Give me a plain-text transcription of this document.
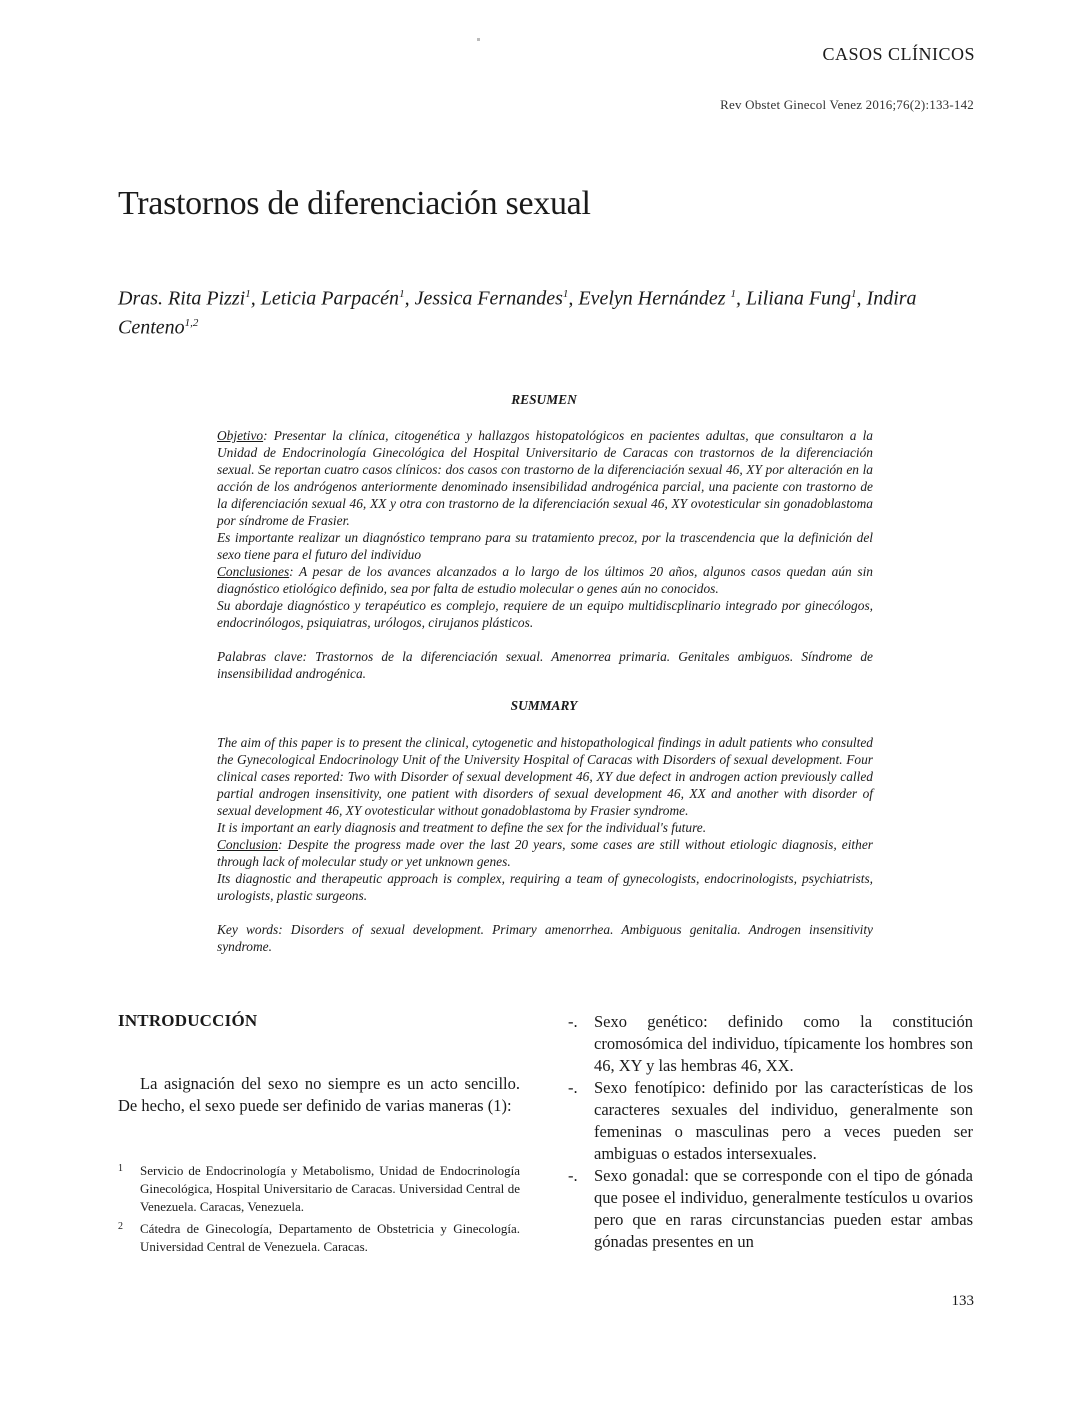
CASOS CLÍNICOS
Rev Obstet Ginecol Venez 2016;76(2):133-142
Trastornos de diferenciación sexual
Dras. Rita Pizzi$^1$, Leticia Parpacén$^1$, Jessica Fernandes$^1$, Evelyn Hernández $^1$, Liliana Fung$^1$, Indira Centeno$^{1,2}$
RESUMEN

Objetivo: Presentar la clínica, citogenética y hallazgos histopatológicos en pacientes adultas, que consultaron a la Unidad de Endocrinología Ginecológica del Hospital Universitario de Caracas con trastornos de la diferenciación sexual. Se reportan cuatro casos clínicos: dos casos con trastorno de la diferenciación sexual 46, XY por alteración en la acción de los andrógenos anteriormente denominado insensibilidad androgénica parcial, una paciente con trastorno de la diferenciación sexual 46, XX y otra con trastorno de la diferenciación sexual 46, XY ovotesticular sin gonadoblastoma por síndrome de Frasier.

Es importante realizar un diagnóstico temprano para su tratamiento precoz, por la trascendencia que la definición del sexo tiene para el futuro del individuo

Conclusiones: A pesar de los avances alcanzados a lo largo de los últimos 20 años, algunos casos quedan aún sin diagnóstico etiológico definido, sea por falta de estudio molecular o genes aún no conocidos.

Su abordaje diagnóstico y terapéutico es complejo, requiere de un equipo multidiscplinario integrado por ginecólogos, endocrinólogos, psiquiatras, urólogos, cirujanos plásticos.

Palabras clave: Trastornos de la diferenciación sexual. Amenorrea primaria. Genitales ambiguos. Síndrome de insensibilidad androgénica.

SUMMARY

The aim of this paper is to present the clinical, cytogenetic and histopathological findings in adult patients who consulted the Gynecological Endocrinology Unit of the University Hospital of Caracas with Disorders of sexual development. Four clinical cases reported: Two with Disorder of sexual development 46, XY due defect in androgen action previously called partial androgen insensitivity, one patient with disorders of sexual development 46, XX and another with disorder of sexual development 46, XY ovotesticular without gonadoblastoma by Frasier syndrome.

It is important an early diagnosis and treatment to define the sex for the individual's future.

Conclusion: Despite the progress made over the last 20 years, some cases are still without etiologic diagnosis, either through lack of molecular study or yet unknown genes.

Its diagnostic and therapeutic approach is complex, requiring a team of gynecologists, endocrinologists, psychiatrists, urologists, plastic surgeons.

Key words: Disorders of sexual development. Primary amenorrhea. Ambiguous genitalia. Androgen insensitivity syndrome.

INTRODUCCIÓN
La asignación del sexo no siempre es un acto sencillo. De hecho, el sexo puede ser definido de varias maneras (1):
1	Servicio de Endocrinología y Metabolismo, Unidad de Endocrinología Ginecológica, Hospital Universitario de Caracas. Universidad Central de Venezuela. Caracas, Venezuela.
2	Cátedra de Ginecología, Departamento de Obstetricia y Ginecología. Universidad Central de Venezuela. Caracas.
-. Sexo genético: definido como la constitución cromosómica del individuo, típicamente los hombres son 46, XY y las hembras 46, XX.
-. Sexo fenotípico: definido por las características de los caracteres sexuales del individuo, generalmente son femeninas o masculinas pero a veces pueden ser ambiguas o estados intersexuales.
-. Sexo gonadal: que se corresponde con el tipo de gónada que posee el individuo, generalmente testículos u ovarios pero que en raras circunstancias pueden estar ambas gónadas presentes en un
133
